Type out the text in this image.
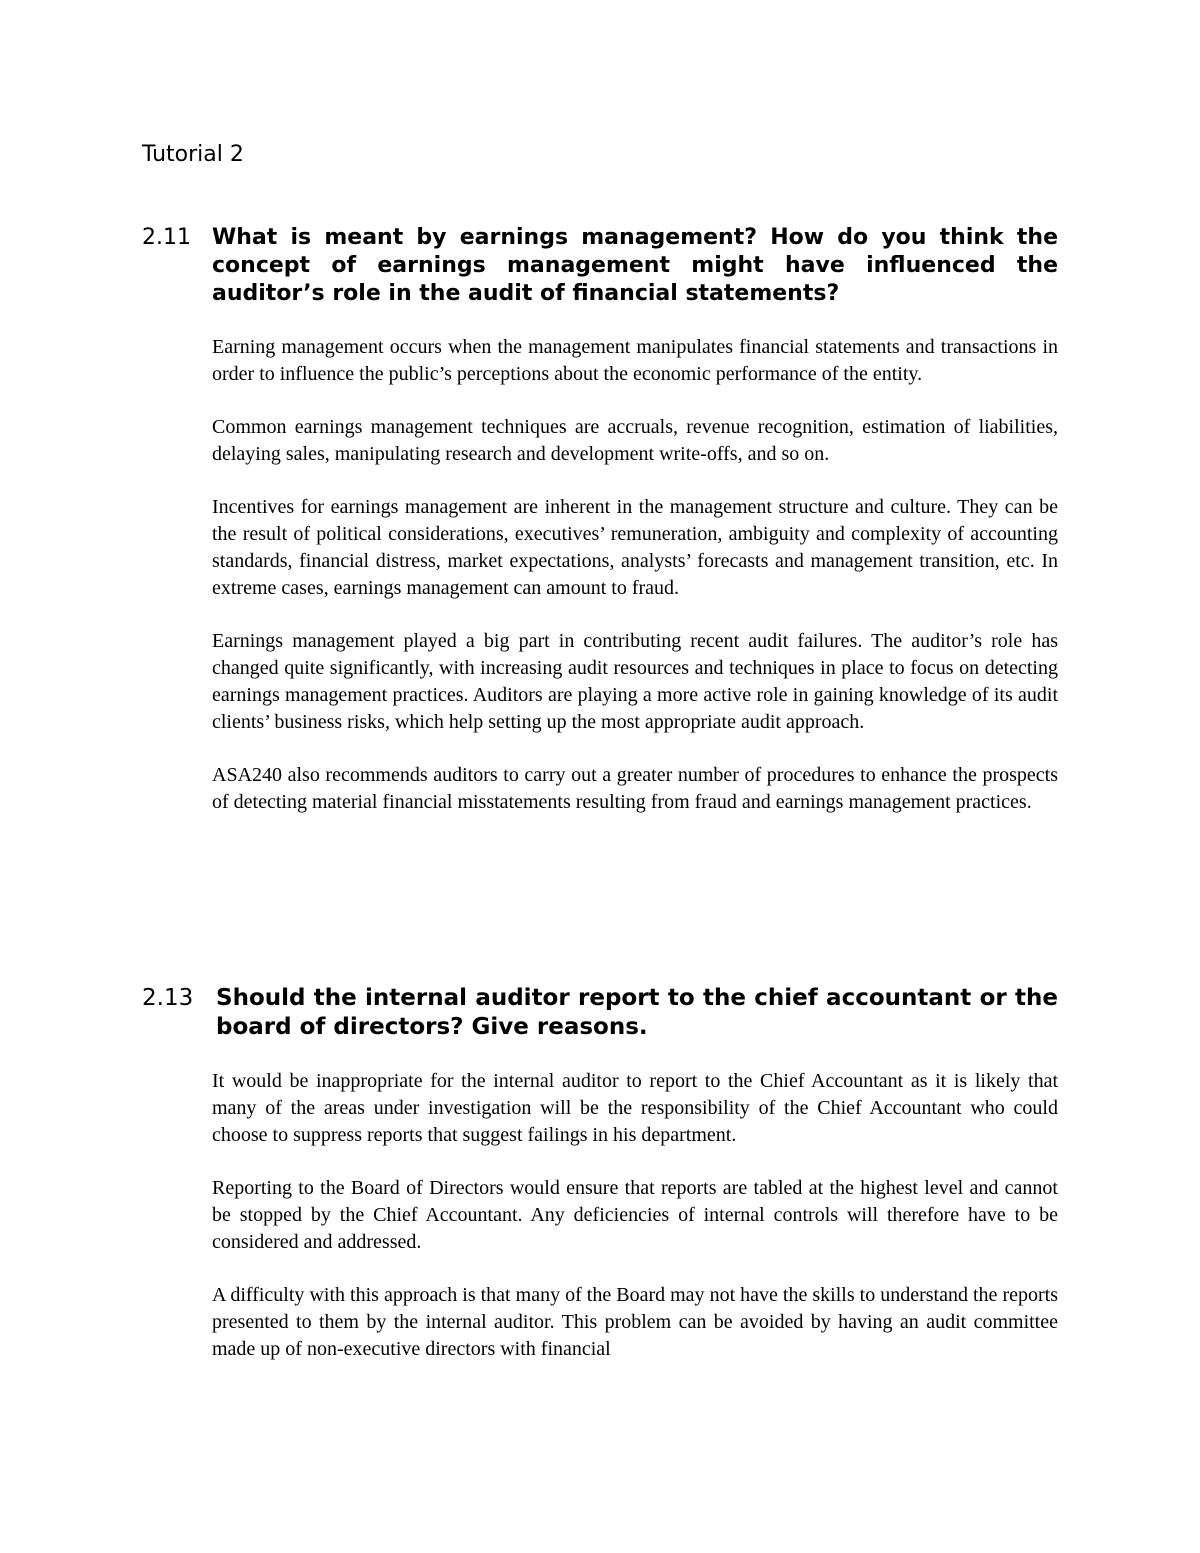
Tutorial 2
2.11 What is meant by earnings management? How do you think the concept of earnings management might have influenced the auditor’s role in the audit of financial statements?

Earning management occurs when the management manipulates financial statements and transactions in order to influence the public’s perceptions about the economic performance of the entity.

Common earnings management techniques are accruals, revenue recognition, estimation of liabilities, delaying sales, manipulating research and development write-offs, and so on.

Incentives for earnings management are inherent in the management structure and culture. They can be the result of political considerations, executives’ remuneration, ambiguity and complexity of accounting standards, financial distress, market expectations, analysts’ forecasts and management transition, etc. In extreme cases, earnings management can amount to fraud.

Earnings management played a big part in contributing recent audit failures. The auditor’s role has changed quite significantly, with increasing audit resources and techniques in place to focus on detecting earnings management practices. Auditors are playing a more active role in gaining knowledge of its audit clients’ business risks, which help setting up the most appropriate audit approach.

ASA240 also recommends auditors to carry out a greater number of procedures to enhance the prospects of detecting material financial misstatements resulting from fraud and earnings management practices.

2.13 Should the internal auditor report to the chief accountant or the board of directors? Give reasons.

It would be inappropriate for the internal auditor to report to the Chief Accountant as it is likely that many of the areas under investigation will be the responsibility of the Chief Accountant who could choose to suppress reports that suggest failings in his department.

Reporting to the Board of Directors would ensure that reports are tabled at the highest level and cannot be stopped by the Chief Accountant. Any deficiencies of internal controls will therefore have to be considered and addressed.

A difficulty with this approach is that many of the Board may not have the skills to understand the reports presented to them by the internal auditor. This problem can be avoided by having an audit committee made up of non-executive directors with financial
